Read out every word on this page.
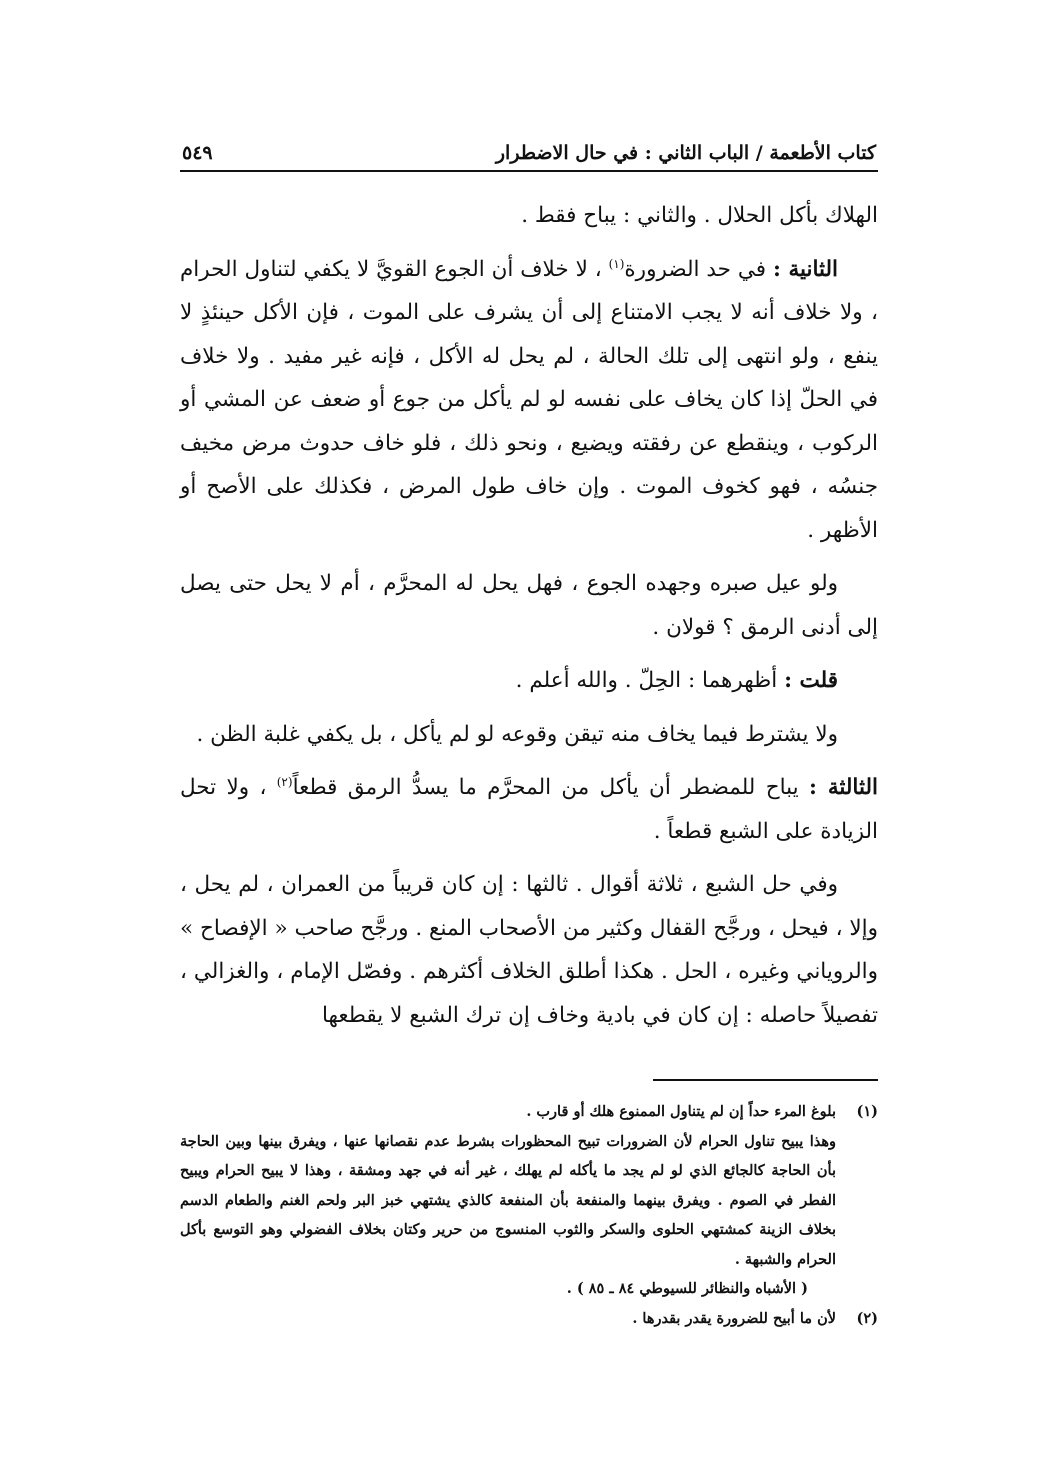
كتاب الأطعمة / الباب الثاني : في حال الاضطرار
٥٤٩

الهلاك بأكل الحلال . والثاني : يباح فقط .

الثانية : في حد الضرورة$^{(١)}$ ، لا خلاف أن الجوع القويَّ لا يكفي لتناول الحرام ، ولا خلاف أنه لا يجب الامتناع إلى أن يشرف على الموت ، فإن الأكل حينئذٍ لا ينفع ، ولو انتهى إلى تلك الحالة ، لم يحل له الأكل ، فإنه غير مفيد . ولا خلاف في الحلّ إذا كان يخاف على نفسه لو لم يأكل من جوع أو ضعف عن المشي أو الركوب ، وينقطع عن رفقته ويضيع ، ونحو ذلك ، فلو خاف حدوث مرض مخيف جنسُه ، فهو كخوف الموت . وإن خاف طول المرض ، فكذلك على الأصح أو الأظهر .

ولو عيل صبره وجهده الجوع ، فهل يحل له المحرَّم ، أم لا يحل حتى يصل إلى أدنى الرمق ؟ قولان .

قلت : أظهرهما : الحِلّ . والله أعلم .

ولا يشترط فيما يخاف منه تيقن وقوعه لو لم يأكل ، بل يكفي غلبة الظن .

الثالثة : يباح للمضطر أن يأكل من المحرَّم ما يسدُّ الرمق قطعاً$^{(٢)}$ ، ولا تحل الزيادة على الشبع قطعاً .

وفي حل الشبع ، ثلاثة أقوال . ثالثها : إن كان قريباً من العمران ، لم يحل ، وإلا ، فيحل ، ورجَّح القفال وكثير من الأصحاب المنع . ورجَّح صاحب « الإفصاح » والروياني وغيره ، الحل . هكذا أطلق الخلاف أكثرهم . وفصّل الإمام ، والغزالي ، تفصيلاً حاصله : إن كان في بادية وخاف إن ترك الشبع لا يقطعها

(١)
بلوغ المرء حداً إن لم يتناول الممنوع هلك أو قارب .

وهذا يبيح تناول الحرام لأن الضرورات تبيح المحظورات بشرط عدم نقصانها عنها ، ويفرق بينها وبين الحاجة بأن الحاجة كالجائع الذي لو لم يجد ما يأكله لم يهلك ، غير أنه في جهد ومشقة ، وهذا لا يبيح الحرام ويبيح الفطر في الصوم . ويفرق بينهما والمنفعة بأن المنفعة كالذي يشتهي خبز البر ولحم الغنم والطعام الدسم بخلاف الزينة كمشتهي الحلوى والسكر والثوب المنسوج من حرير وكتان بخلاف الفضولي وهو التوسع بأكل الحرام والشبهة .

( الأشباه والنظائر للسيوطي ٨٤ ـ ٨٥ ) .

(٢)
لأن ما أبيح للضرورة يقدر بقدرها .
